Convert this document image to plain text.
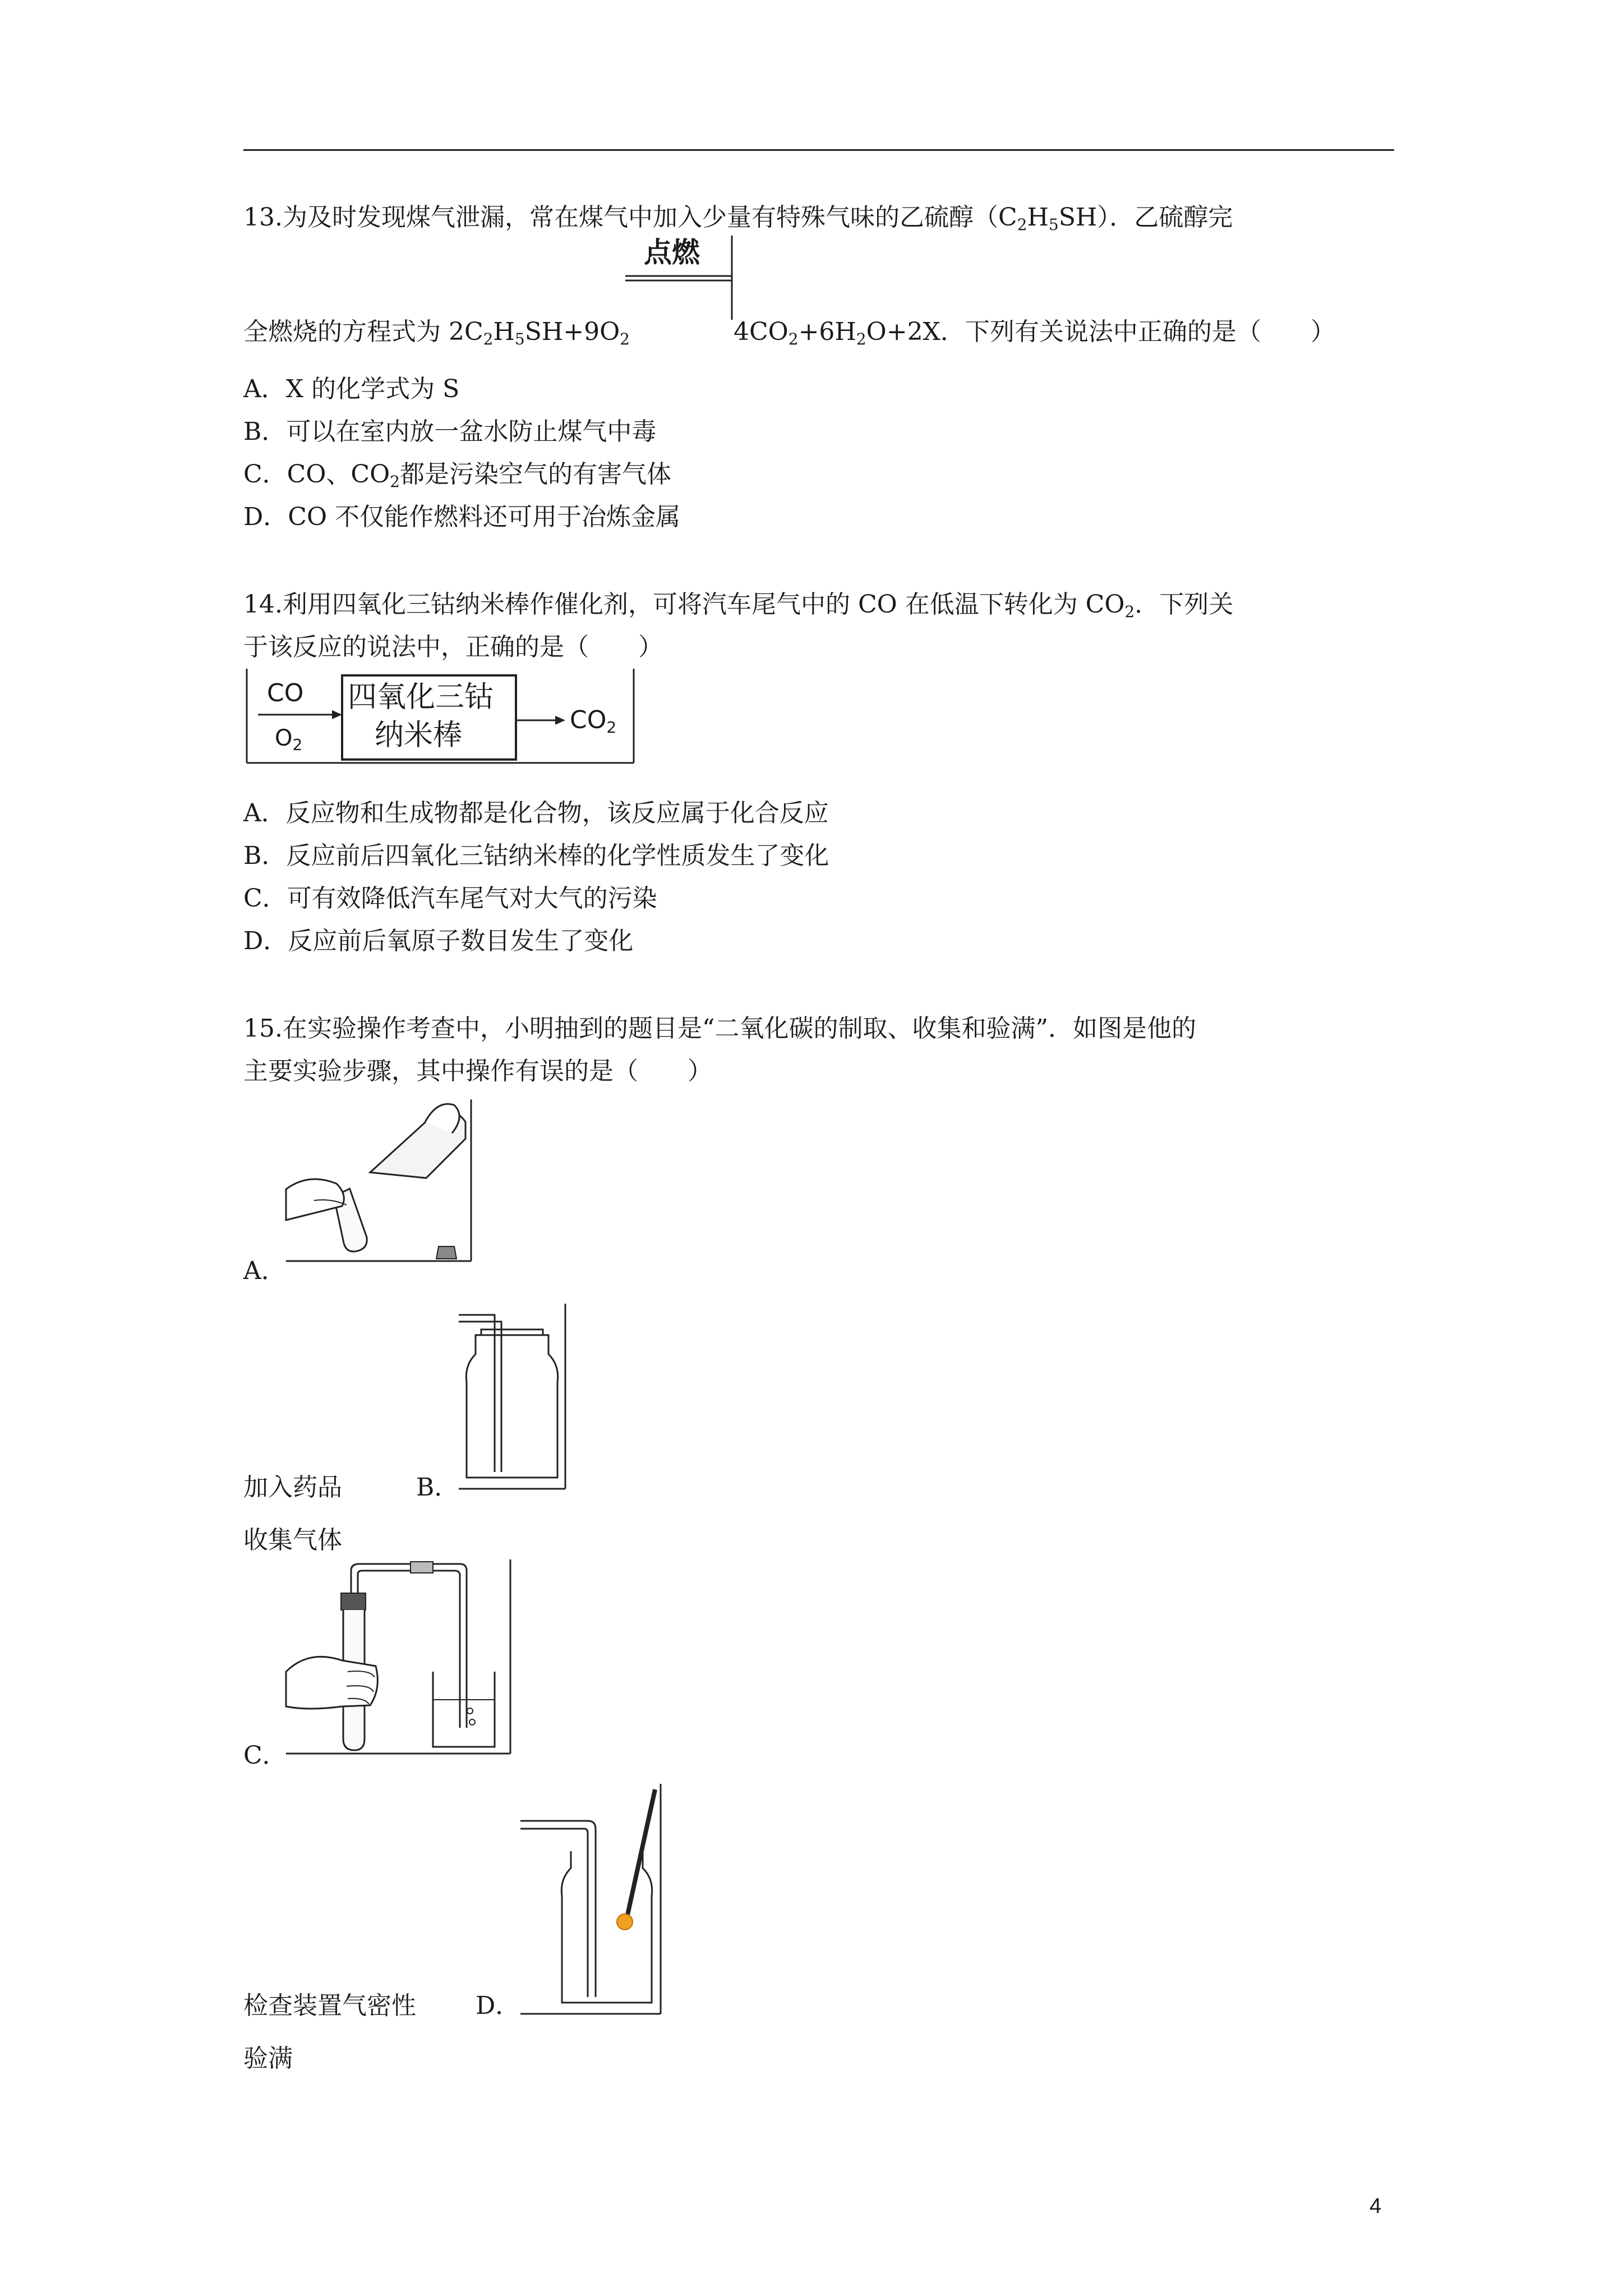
13.为及时发现煤气泄漏，常在煤气中加入少量有特殊气味的乙硫醇$(C_2H_5SH)$．乙硫醇完
点燃
全燃烧的方程式为 $2C_2H_5SH+9O_2$	$4CO_2+6H_2O+2X$．下列有关说法中正确的是（　　）
A．X 的化学式为 S
B．可以在室内放一盆水防止煤气中毒
C．CO、$CO_2$都是污染空气的有害气体
D．CO 不仅能作燃料还可用于冶炼金属
14.利用四氧化三钴纳米棒作催化剂，可将汽车尾气中的 CO 在低温下转化为 $CO_2$．下列关
于该反应的说法中，正确的是（　　）
CO
$O_2$
四氧化三钴
纳米棒	$CO_2$
A．反应物和生成物都是化合物，该反应属于化合反应
B．反应前后四氧化三钴纳米棒的化学性质发生了变化
C．可有效降低汽车尾气对大气的污染
D．反应前后氧原子数目发生了变化
15.在实验操作考查中，小明抽到的题目是“二氧化碳的制取、收集和验满”．如图是他的
主要实验步骤，其中操作有误的是（　　）
A．
加入药品	B．
收集气体
C．
检查装置气密性 D．
验满
4
